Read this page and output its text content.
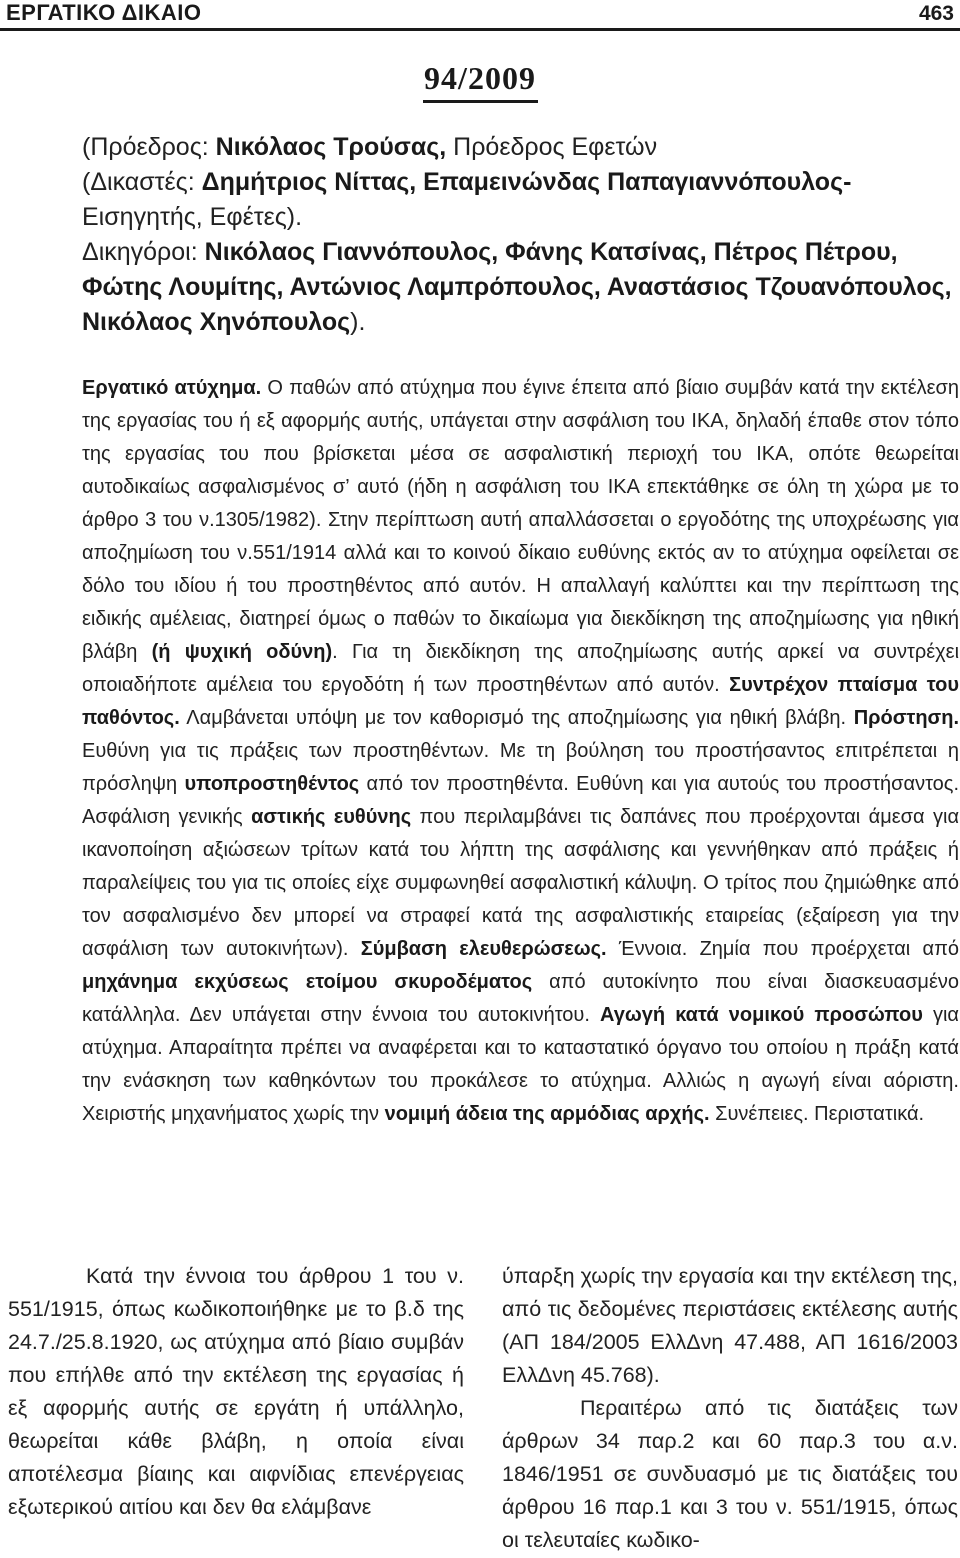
ΕΡΓΑΤΙΚΟ ΔΙΚΑΙΟ	463
94/2009

(Πρόεδρος: Νικόλαος Τρούσας, Πρόεδρος Εφετών

(Δικαστές: Δημήτριος Νίττας, Επαμεινώνδας Παπαγιαννόπουλος-

Εισηγητής, Εφέτες).

Δικηγόροι: Νικόλαος Γιαννόπουλος, Φάνης Κατσίνας, Πέτρος Πέτρου, Φώτης Λουμίτης, Αντώνιος Λαμπρόπουλος, Αναστάσιος Τζουανόπουλος, Νικόλαος Χηνόπουλος).

Εργατικό ατύχημα. Ο παθών από ατύχημα που έγινε έπειτα από βίαιο συμβάν κατά την εκτέλεση της εργασίας του ή εξ αφορμής αυτής, υπάγεται στην ασφάλιση του ΙΚΑ, δηλαδή έπαθε στον τόπο της εργασίας του που βρίσκεται μέσα σε ασφαλιστική περιοχή του ΙΚΑ, οπότε θεωρείται αυτοδικαίως ασφαλισμένος σ’ αυτό (ήδη η ασφάλιση του ΙΚΑ επεκτάθηκε σε όλη τη χώρα με το άρθρο 3 του ν.1305/1982). Στην περίπτωση αυτή απαλλάσσεται ο εργοδότης της υποχρέωσης για αποζημίωση του ν.551/1914 αλλά και το κοινού δίκαιο ευθύνης εκτός αν το ατύχημα οφείλεται σε δόλο του ιδίου ή του προστηθέντος από αυτόν. Η απαλλαγή καλύπτει και την περίπτωση της ειδικής αμέλειας, διατηρεί όμως ο παθών το δικαίωμα για διεκδίκηση της αποζημίωσης για ηθική βλάβη (ή ψυχική οδύνη). Για τη διεκδίκηση της αποζημίωσης αυτής αρκεί να συντρέχει οποιαδήποτε αμέλεια του εργοδότη ή των προστηθέντων από αυτόν. Συντρέχον πταίσμα του παθόντος. Λαμβάνεται υπόψη με τον καθορισμό της αποζημίωσης για ηθική βλάβη. Πρόστηση. Ευθύνη για τις πράξεις των προστηθέντων. Με τη βούληση του προστήσαντος επιτρέπεται η πρόσληψη υποπροστηθέντος από τον προστηθέντα. Ευθύνη και για αυτούς του προστήσαντος. Ασφάλιση γενικής αστικής ευθύνης που περιλαμβάνει τις δαπάνες που προέρχονται άμεσα για ικανοποίηση αξιώσεων τρίτων κατά του λήπτη της ασφάλισης και γεννήθηκαν από πράξεις ή παραλείψεις του για τις οποίες είχε συμφωνηθεί ασφαλιστική κάλυψη. Ο τρίτος που ζημιώθηκε από τον ασφαλισμένο δεν μπορεί να στραφεί κατά της ασφαλιστικής εταιρείας (εξαίρεση για την ασφάλιση των αυτοκινήτων). Σύμβαση ελευθερώσεως. Έννοια. Ζημία που προέρχεται από μηχάνημα εκχύσεως ετοίμου σκυροδέματος από αυτοκίνητο που είναι διασκευασμένο κατάλληλα. Δεν υπάγεται στην έννοια του αυτοκινήτου. Αγωγή κατά νομικού προσώπου για ατύχημα. Απαραίτητα πρέπει να αναφέρεται και το καταστατικό όργανο του οποίου η πράξη κατά την ενάσκηση των καθηκόντων του προκάλεσε το ατύχημα. Αλλιώς η αγωγή είναι αόριστη. Χειριστής μηχανήματος χωρίς την νομιμή άδεια της αρμόδιας αρχής. Συνέπειες. Περιστατικά.

Κατά την έννοια του άρθρου 1 του ν. 551/1915, όπως κωδικοποιήθηκε με το β.δ της 24.7./25.8.1920, ως ατύχημα από βίαιο συμβάν που επήλθε από την εκτέλεση της εργασίας ή εξ αφορμής αυτής σε εργάτη ή υπάλληλο, θεωρείται κάθε βλάβη, η οποία είναι αποτέλεσμα βίαιης και αιφνίδιας επενέργειας εξωτερικού αιτίου και δεν θα ελάμβανε

ύπαρξη χωρίς την εργασία και την εκτέλεση της, από τις δεδομένες περιστάσεις εκτέλεσης αυτής (ΑΠ 184/2005 ΕλλΔνη 47.488, ΑΠ 1616/2003 ΕλλΔνη 45.768).

Περαιτέρω από τις διατάξεις των άρθρων 34 παρ.2 και 60 παρ.3 του α.ν. 1846/1951 σε συνδυασμό με τις διατάξεις του άρθρου 16 παρ.1 και 3 του ν. 551/1915, όπως οι τελευταίες κωδικο-
